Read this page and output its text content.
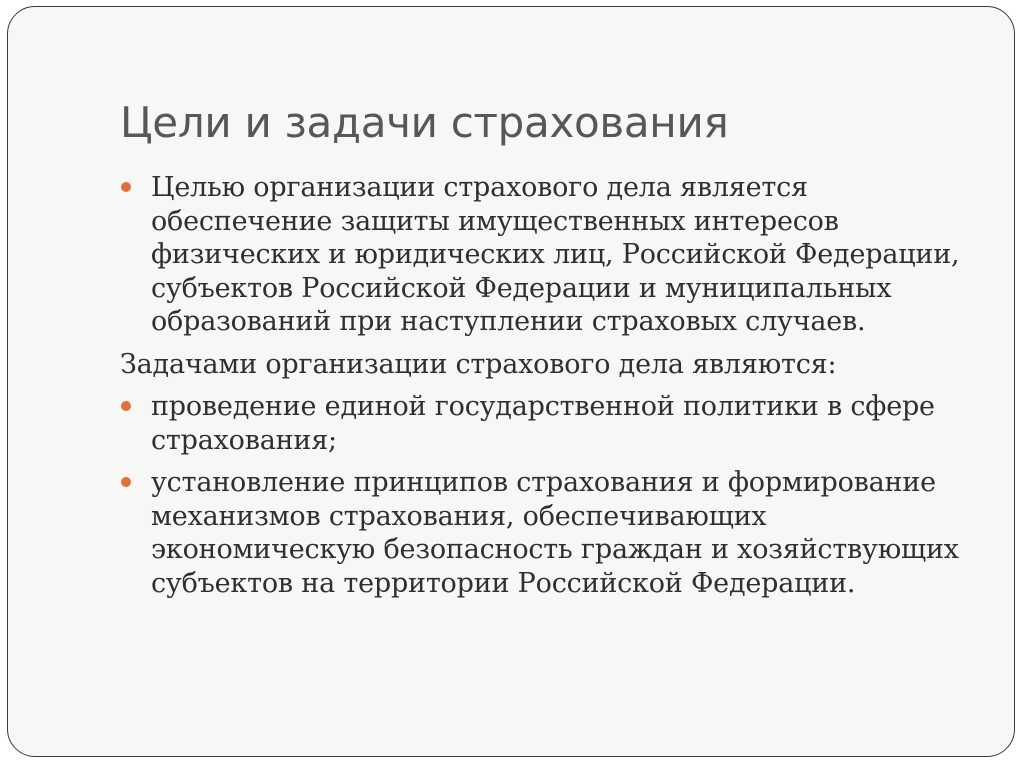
Цели и задачи страхования
Целью организации страхового дела является обеспечение защиты имущественных интересов физических и юридических лиц, Российской Федерации, субъектов Российской Федерации и муниципальных образований при наступлении страховых случаев.
Задачами организации страхового дела являются:
проведение единой государственной политики в сфере страхования;
установление принципов страхования и формирование механизмов страхования, обеспечивающих экономическую безопасность граждан и хозяйствующих субъектов на территории Российской Федерации.
